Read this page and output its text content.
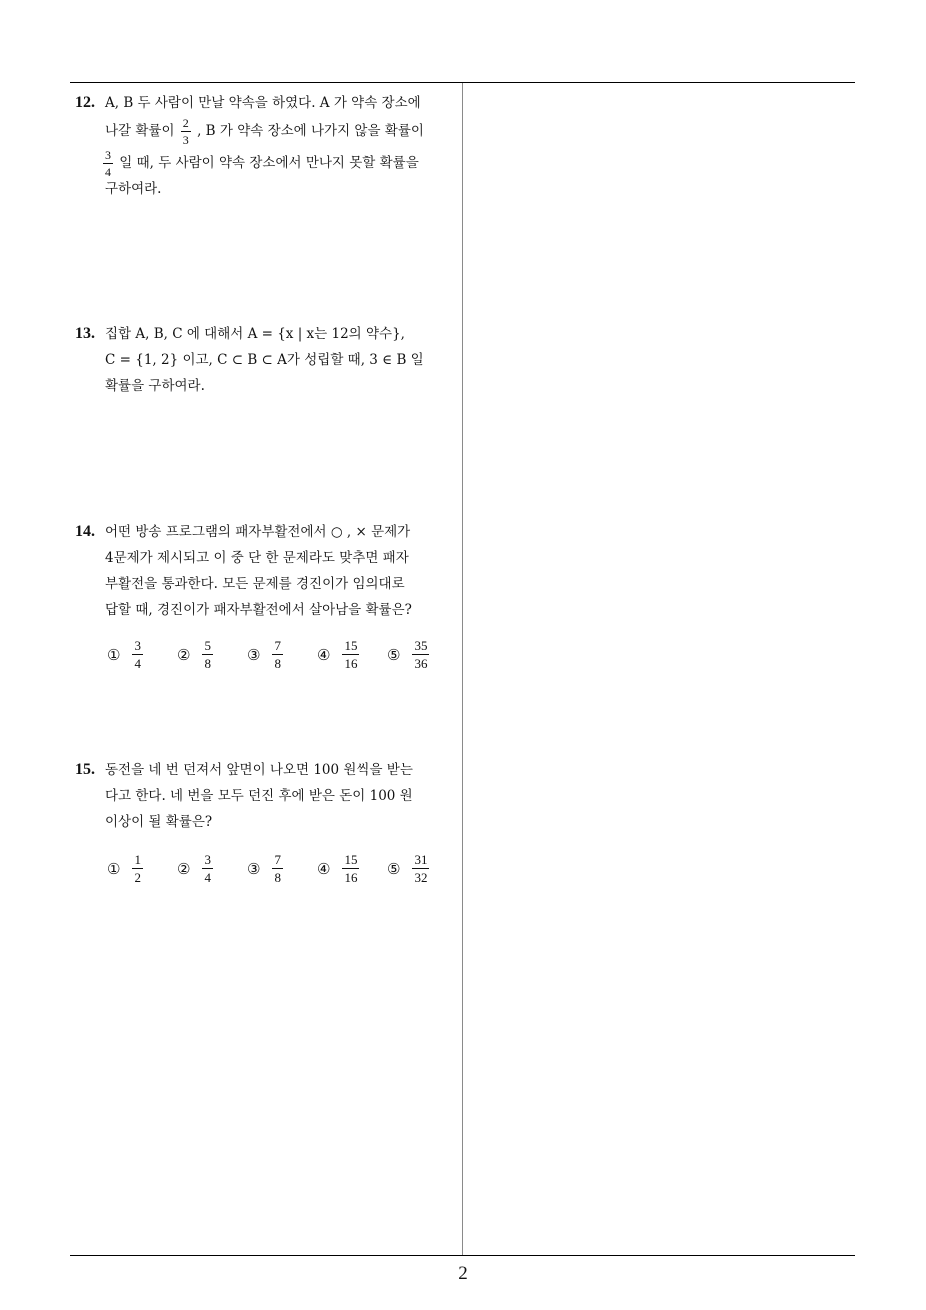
12. A, B 두 사람이 만날 약속을 하였다. A 가 약속 장소에
나갈 확률이 $\frac{2}{3}$ , B 가 약속 장소에 나가지 않을 확률이
$\frac{3}{4}$ 일 때, 두 사람이 약속 장소에서 만나지 못할 확률을
구하여라.
13. 집합 A, B, C 에 대해서 A = {x | x는 12의 약수},
C = {1, 2} 이고, C ⊂ B ⊂ A가 성립할 때, 3 ∈ B 일
확률을 구하여라.
14. 어떤 방송 프로그램의 패자부활전에서 ○ , × 문제가
4문제가 제시되고 이 중 단 한 문제라도 맞추면 패자
부활전을 통과한다. 모든 문제를 경진이가 임의대로
답할 때, 경진이가 패자부활전에서 살아남을 확률은?
① $\frac{3}{4}$ ② $\frac{5}{8}$ ③ $\frac{7}{8}$ ④ $\frac{15}{16}$ ⑤ $\frac{35}{36}$
15. 동전을 네 번 던져서 앞면이 나오면 100 원씩을 받는
다고 한다. 네 번을 모두 던진 후에 받은 돈이 100 원
이상이 될 확률은?
① $\frac{1}{2}$ ② $\frac{3}{4}$ ③ $\frac{7}{8}$ ④ $\frac{15}{16}$ ⑤ $\frac{31}{32}$
2
